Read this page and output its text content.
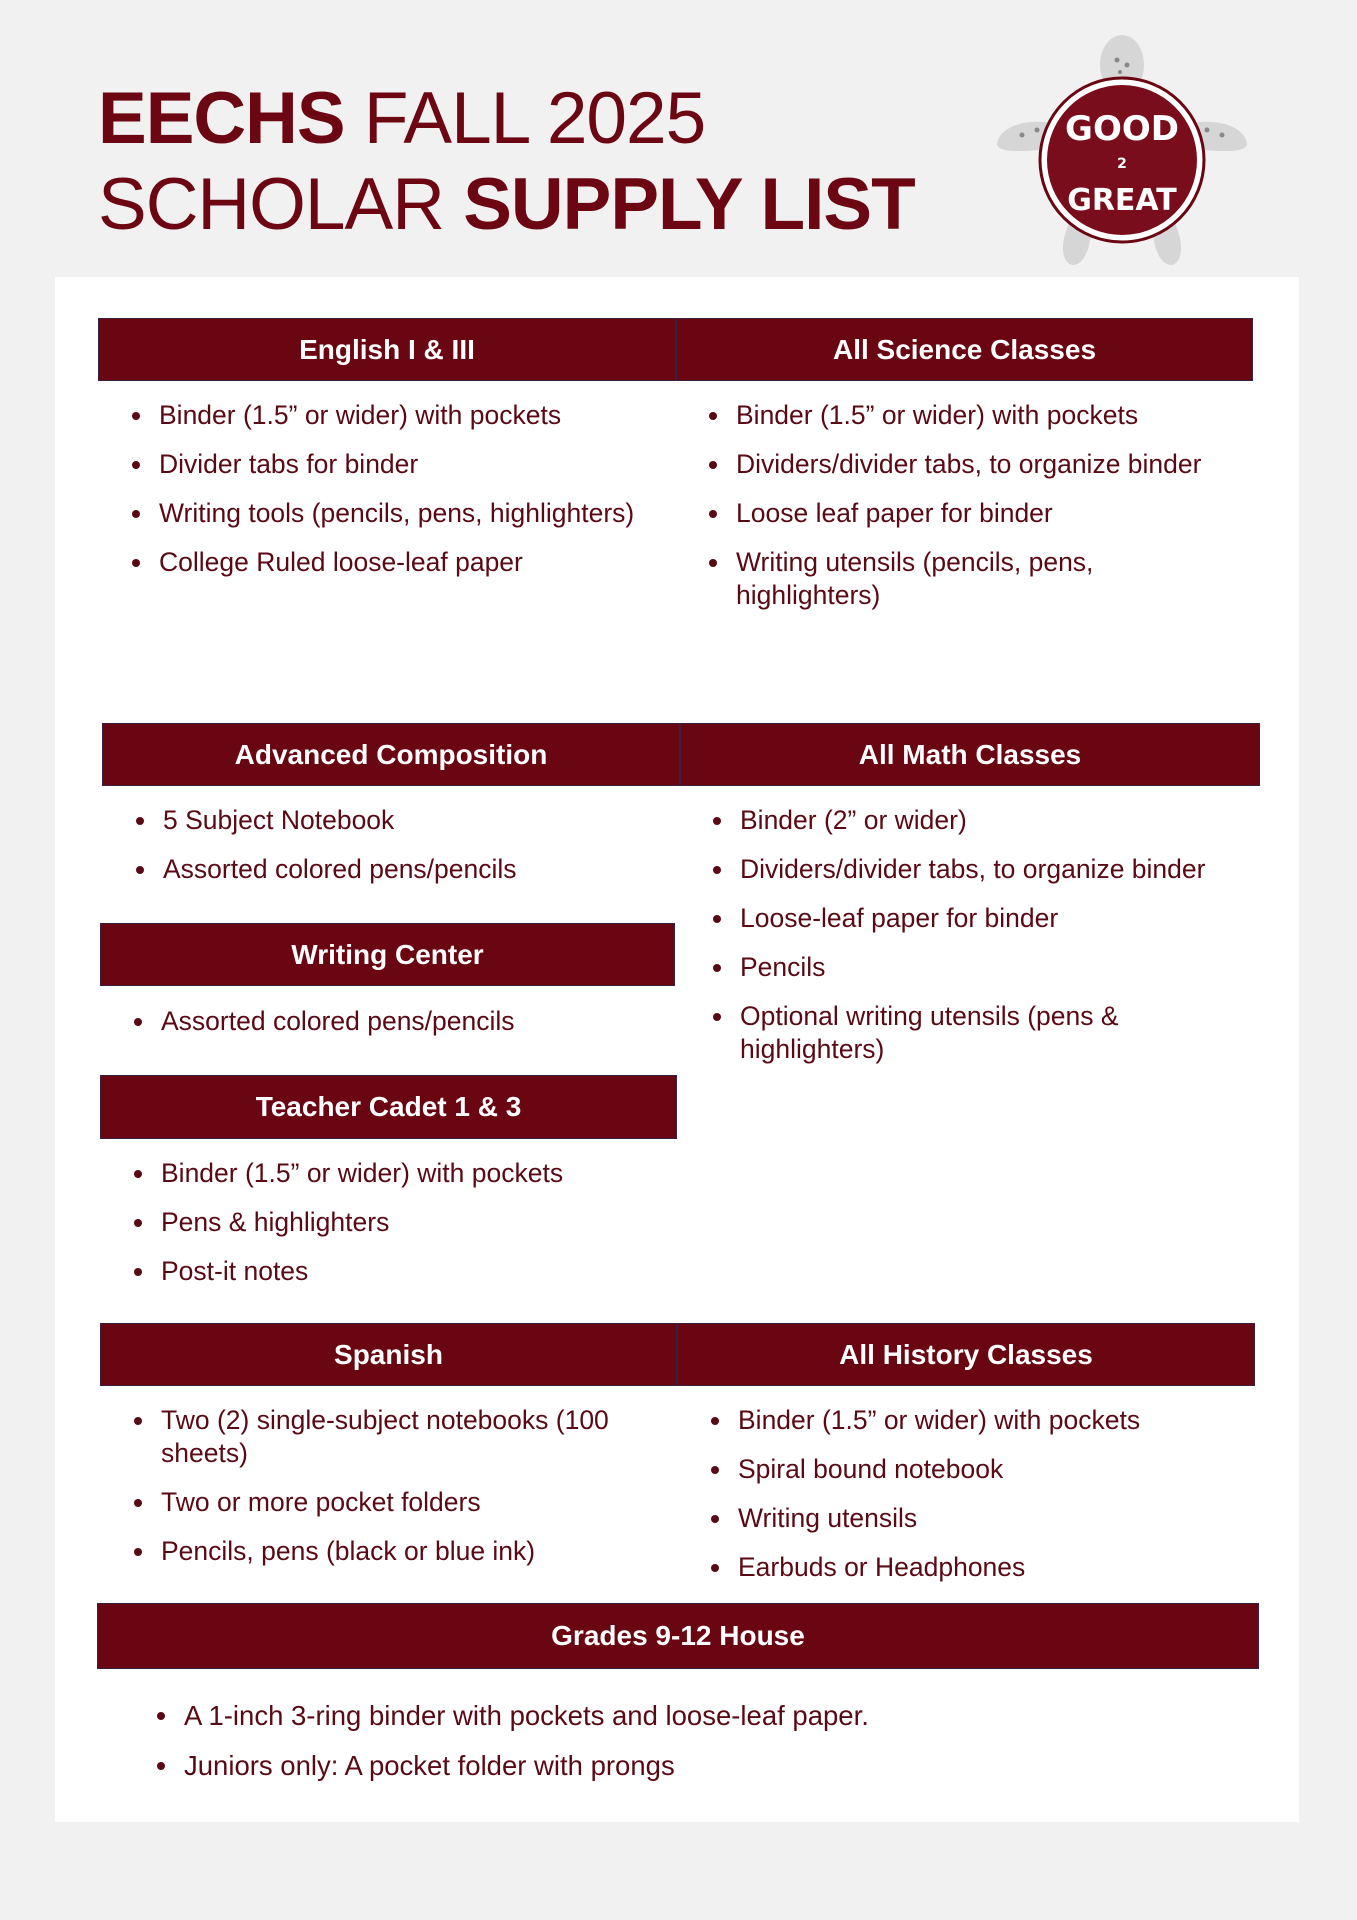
EECHS FALL 2025
SCHOLAR SUPPLY LIST
GOOD
2
GREAT
English I & III	All Science Classes
Binder (1.5” or wider) with pockets
Divider tabs for binder
Writing tools (pencils, pens, highlighters)
College Ruled loose-leaf paper
Binder (1.5” or wider) with pockets
Dividers/divider tabs, to organize binder
Loose leaf paper for binder
Writing utensils (pencils, pens, highlighters)
Advanced Composition	All Math Classes
5 Subject Notebook
Assorted colored pens/pencils
Binder (2” or wider)
Dividers/divider tabs, to organize binder
Loose-leaf paper for binder
Pencils
Optional writing utensils (pens & highlighters)
Writing Center
Assorted colored pens/pencils
Teacher Cadet 1 & 3
Binder (1.5” or wider) with pockets
Pens & highlighters
Post-it notes
Spanish	All History Classes
Two (2) single-subject notebooks (100 sheets)
Two or more pocket folders
Pencils, pens (black or blue ink)
Binder (1.5” or wider) with pockets
Spiral bound notebook
Writing utensils
Earbuds or Headphones
Grades 9-12 House
A 1-inch 3-ring binder with pockets and loose-leaf paper.
Juniors only: A pocket folder with prongs
